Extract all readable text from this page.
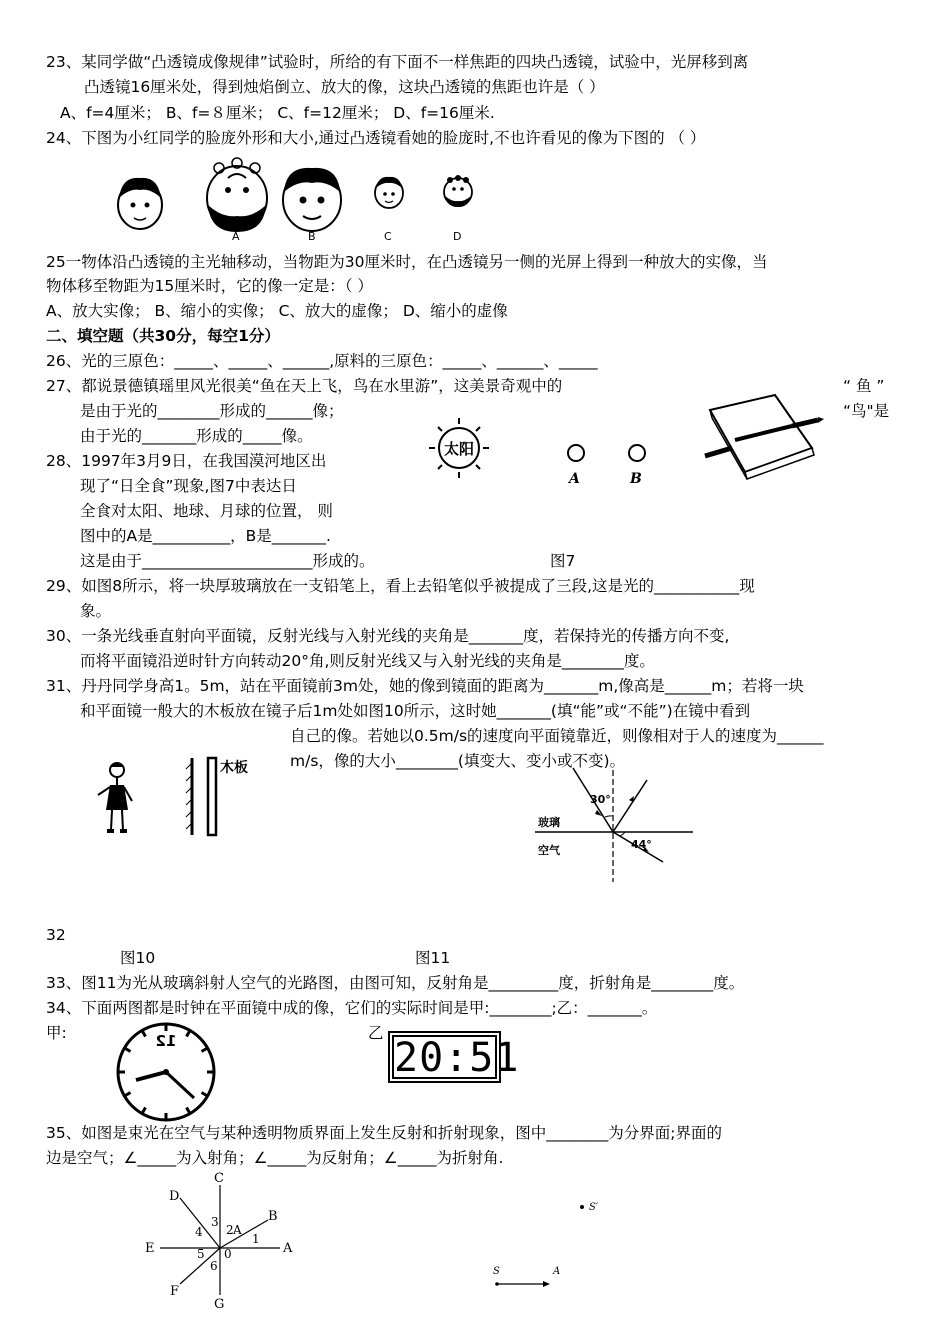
23、某同学做“凸透镜成像规律”试验时，所给的有下面不一样焦距的四块凸透镜，试验中，光屏移到离
凸透镜16厘米处，得到烛焰倒立、放大的像，这块凸透镜的焦距也许是（ ）
A、f=4厘米； B、f=８厘米； C、f=12厘米； D、f=16厘米.
24、下图为小红同学的脸庞外形和大小,通过凸透镜看她的脸庞时,不也许看见的像为下图的 （ ）
A	B	C	D
25一物体沿凸透镜的主光轴移动，当物距为30厘米时，在凸透镜另一侧的光屏上得到一种放大的实像，当
物体移至物距为15厘米时，它的像一定是：（ ）
A、放大实像； B、缩小的实像； C、放大的虚像； D、缩小的虚像
二、填空题（共30分，每空1分）
26、光的三原色：_____、_____、______,原料的三原色：_____、______、_____
27、都说景德镇瑶里风光很美“鱼在天上飞，鸟在水里游”，这美景奇观中的	“ 鱼 ”
是由于光的________形成的______像；	“鸟"是
由于光的_______形成的_____像。
28、1997年3月9日，在我国漠河地区出
现了“日全食”现象,图7中表达日
全食对太阳、地球、月球的位置， 则
图中的A是__________，B是_______.
这是由于______________________形成的。	图7
太阳
A	B
29、如图8所示，将一块厚玻璃放在一支铅笔上，看上去铅笔似乎被提成了三段,这是光的___________现
象。
30、一条光线垂直射向平面镜，反射光线与入射光线的夹角是_______度，若保持光的传播方向不变,
而将平面镜沿逆时针方向转动20°角,则反射光线又与入射光线的夹角是________度。
31、丹丹同学身高1。5m，站在平面镜前3m处，她的像到镜面的距离为_______m,像高是______m；若将一块
和平面镜一般大的木板放在镜子后1m处如图10所示，这时她_______(填“能”或“不能”)在镜中看到
自己的像。若她以0.5m/s的速度向平面镜靠近，则像相对于人的速度为______
m/s，像的大小________(填变大、变小或不变)。
木板
30°
44°
玻璃
空气
32
图10	图11
33、图11为光从玻璃斜射人空气的光路图，由图可知，反射角是_________度，折射角是________度。
34、下面两图都是时钟在平面镜中成的像，它们的实际时间是甲:________;乙：_______。
甲:	乙
12	20:51
35、如图是束光在空气与某种透明物质界面上发生反射和折射现象，图中________为分界面;界面的
边是空气；∠_____为入射角；∠_____为反射角；∠_____为折射角.
C
D
B
A
E
F
G
1
2 A
3
4
5
6
0
S′
S	A
